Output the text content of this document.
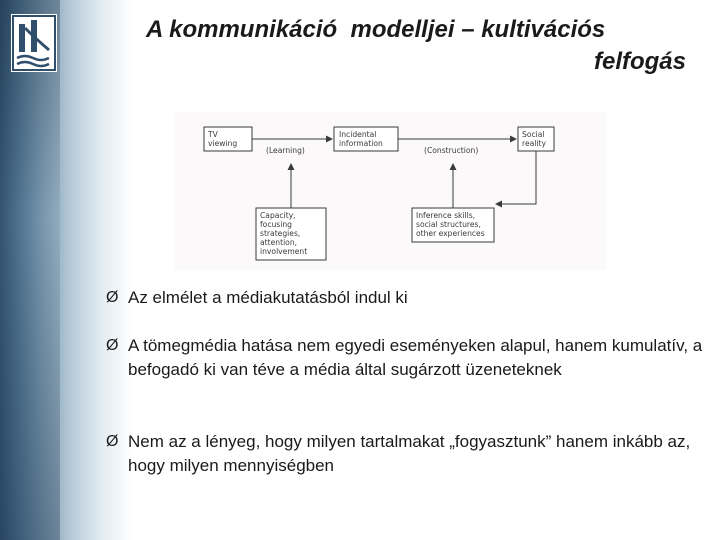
A kommunikáció  modelljei – kultivációs
felfogás
TV
viewing
Incidental
information
Social
reality
Capacity,
focusing
strategies,
attention,
involvement
Inference skills,
social structures,
other experiences
(Learning)	(Construction)
Ø Az elmélet a médiakutatásból indul ki
Ø A tömegmédia hatása nem egyedi eseményeken alapul, hanem kumulatív, a befogadó ki van téve a média által sugárzott üzeneteknek
Ø Nem az a lényeg, hogy milyen tartalmakat „fogyasztunk” hanem inkább az, hogy milyen mennyiségben
